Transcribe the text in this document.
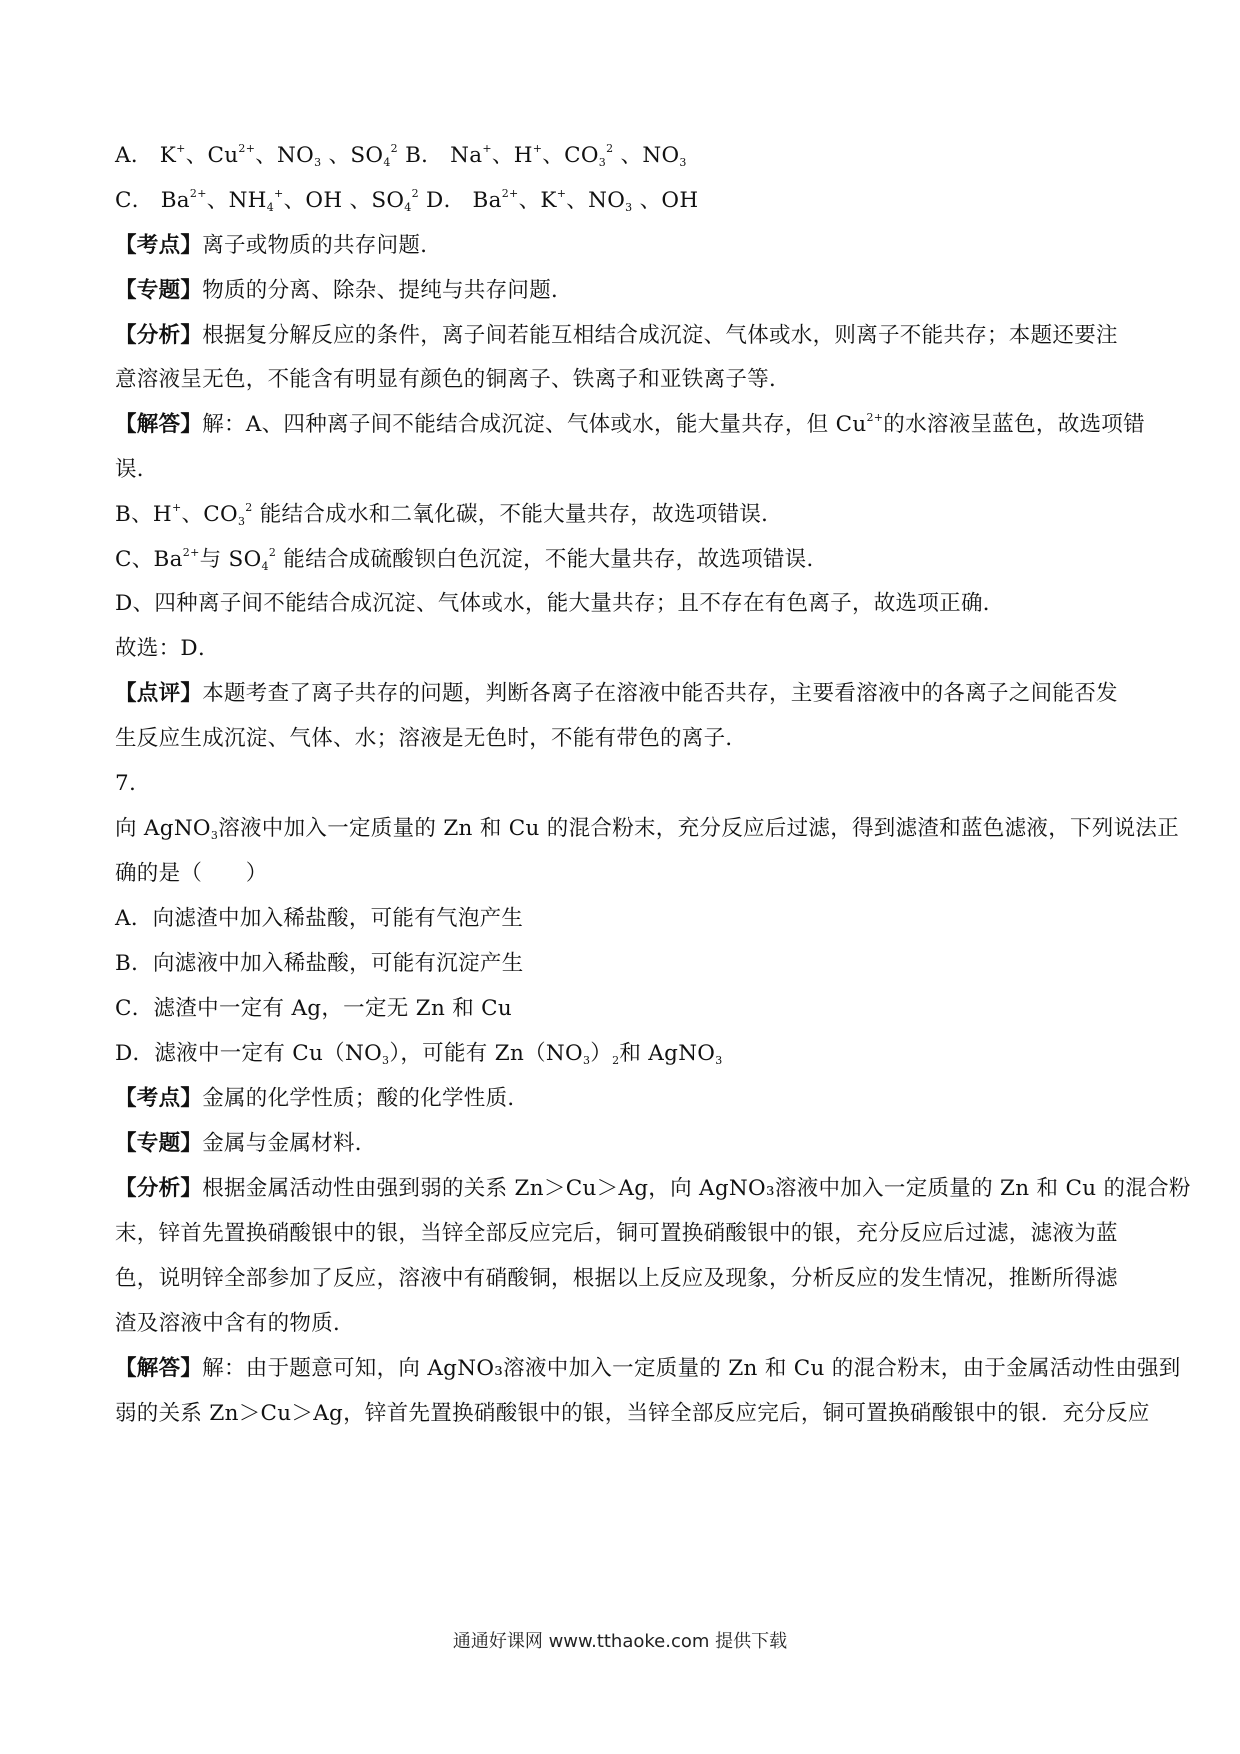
A． K+、$Cu^{2+}$、$NO_3$ 、$SO_4^2$ B． Na+、H+、$CO_3^2$ 、$NO_3$
C． $Ba^{2+}$、$NH_4^+$、OH 、$SO_4^2$ D． $Ba^{2+}$、K+、$NO_3$ 、OH
【考点】离子或物质的共存问题．
【专题】物质的分离、除杂、提纯与共存问题．
【分析】根据复分解反应的条件，离子间若能互相结合成沉淀、气体或水，则离子不能共存；本题还要注
意溶液呈无色，不能含有明显有颜色的铜离子、铁离子和亚铁离子等．
【解答】解：A、四种离子间不能结合成沉淀、气体或水，能大量共存，但 $Cu^{2+}$的水溶液呈蓝色，故选项错
误．
B、H+、$CO_3^2$ 能结合成水和二氧化碳，不能大量共存，故选项错误．
C、$Ba^{2+}$与 $SO_4^2$ 能结合成硫酸钡白色沉淀，不能大量共存，故选项错误．
D、四种离子间不能结合成沉淀、气体或水，能大量共存；且不存在有色离子，故选项正确．
故选：D．
【点评】本题考查了离子共存的问题，判断各离子在溶液中能否共存，主要看溶液中的各离子之间能否发
生反应生成沉淀、气体、水；溶液是无色时，不能有带色的离子．
7.
向 AgNO$_3$溶液中加入一定质量的 Zn 和 Cu 的混合粉末，充分反应后过滤，得到滤渣和蓝色滤液，下列说法正
确的是（　　）
A．向滤渣中加入稀盐酸，可能有气泡产生
B．向滤液中加入稀盐酸，可能有沉淀产生
C．滤渣中一定有 Ag，一定无 Zn 和 Cu
D．滤液中一定有 $Cu(NO_3)$，可能有 $Zn(NO_3)_2$和 AgNO$_3$
【考点】金属的化学性质；酸的化学性质．
【专题】金属与金属材料．
【分析】根据金属活动性由强到弱的关系 Zn＞Cu＞Ag，向 AgNO₃溶液中加入一定质量的 Zn 和 Cu 的混合粉
末，锌首先置换硝酸银中的银，当锌全部反应完后，铜可置换硝酸银中的银，充分反应后过滤，滤液为蓝
色，说明锌全部参加了反应，溶液中有硝酸铜，根据以上反应及现象，分析反应的发生情况，推断所得滤
渣及溶液中含有的物质．
【解答】解：由于题意可知，向 AgNO₃溶液中加入一定质量的 Zn 和 Cu 的混合粉末，由于金属活动性由强到
弱的关系 Zn＞Cu＞Ag，锌首先置换硝酸银中的银，当锌全部反应完后，铜可置换硝酸银中的银．充分反应
通通好课网 www.tthaoke.com 提供下载
